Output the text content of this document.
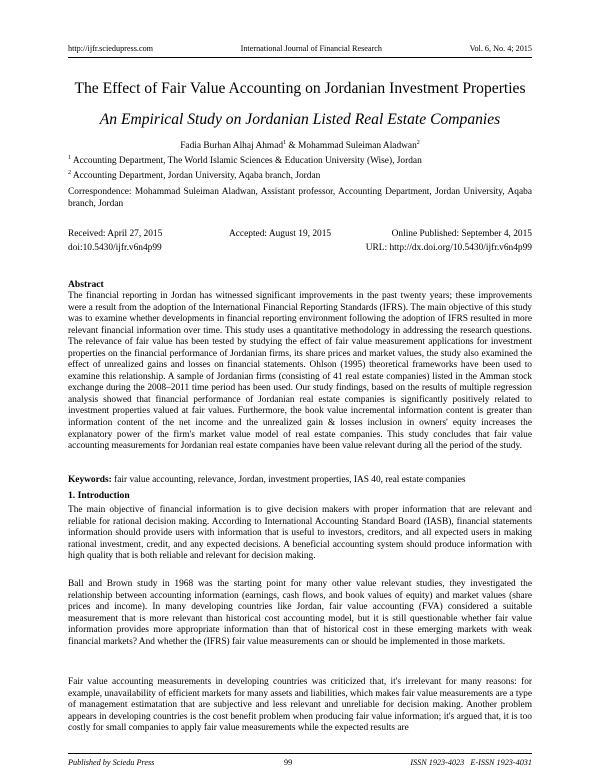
http://ijfr.sciedupress.com	International Journal of Financial Research	Vol. 6, No. 4; 2015
The Effect of Fair Value Accounting on Jordanian Investment Properties
An Empirical Study on Jordanian Listed Real Estate Companies
Fadia Burhan Alhaj Ahmad$^1$ & Mohammad Suleiman Aladwan$^2$
$^1$ Accounting Department, The World Islamic Sciences & Education University (Wise), Jordan
$^2$ Accounting Department, Jordan University, Aqaba branch, Jordan
Correspondence: Mohammad Suleiman Aladwan, Assistant professor, Accounting Department, Jordan University, Aqaba branch, Jordan
Received: April 27, 2015	Accepted: August 19, 2015	Online Published: September 4, 2015
doi:10.5430/ijfr.v6n4p99	URL: http://dx.doi.org/10.5430/ijfr.v6n4p99
Abstract
The financial reporting in Jordan has witnessed significant improvements in the past twenty years; these improvements were a result from the adoption of the International Financial Reporting Standards (IFRS). The main objective of this study was to examine whether developments in financial reporting environment following the adoption of IFRS resulted in more relevant financial information over time. This study uses a quantitative methodology in addressing the research questions. The relevance of fair value has been tested by studying the effect of fair value measurement applications for investment properties on the financial performance of Jordanian firms, its share prices and market values, the study also examined the effect of unrealized gains and losses on financial statements. Ohlson (1995) theoretical frameworks have been used to examine this relationship. A sample of Jordanian firms (consisting of 41 real estate companies) listed in the Amman stock exchange during the 2008–2011 time period has been used. Our study findings, based on the results of multiple regression analysis showed that financial performance of Jordanian real estate companies is significantly positively related to investment properties valued at fair values. Furthermore, the book value incremental information content is greater than information content of the net income and the unrealized gain & losses inclusion in owners' equity increases the explanatory power of the firm's market value model of real estate companies. This study concludes that fair value accounting measurements for Jordanian real estate companies have been value relevant during all the period of the study.
Keywords: fair value accounting, relevance, Jordan, investment properties, IAS 40, real estate companies
1. Introduction
The main objective of financial information is to give decision makers with proper information that are relevant and reliable for rational decision making. According to International Accounting Standard Board (IASB), financial statements information should provide users with information that is useful to investors, creditors, and all expected users in making rational investment, credit, and any expected decisions. A beneficial accounting system should produce information with high quality that is both reliable and relevant for decision making.
Ball and Brown study in 1968 was the starting point for many other value relevant studies, they investigated the relationship between accounting information (earnings, cash flows, and book values of equity) and market values (share prices and income). In many developing countries like Jordan, fair value accounting (FVA) considered a suitable measurement that is more relevant than historical cost accounting model, but it is still questionable whether fair value information provides more appropriate information than that of historical cost in these emerging markets with weak financial markets? And whether the (IFRS) fair value measurements can or should be implemented in those markets.
Fair value accounting measurements in developing countries was criticized that, it's irrelevant for many reasons: for example, unavailability of efficient markets for many assets and liabilities, which makes fair value measurements are a type of management estimatation that are subjective and less relevant and unreliable for decision making. Another problem appears in developing countries is the cost benefit problem when producing fair value information; it's argued that, it is too costly for small companies to apply fair value measurements while the expected results are
Published by Sciedu Press	99	ISSN 1923-4023   E-ISSN 1923-4031
